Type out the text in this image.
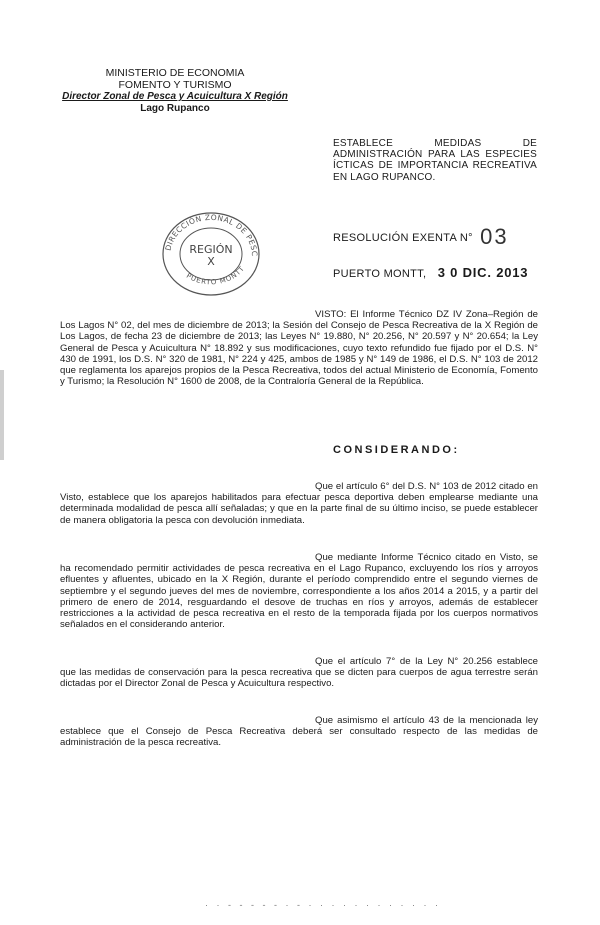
MINISTERIO DE ECONOMIA
FOMENTO Y TURISMO
Director Zonal de Pesca y Acuicultura X Región
Lago Rupanco
ESTABLECE MEDIDAS DE ADMINISTRACIÓN PARA LAS ESPECIES ÍCTICAS DE IMPORTANCIA RECREATIVA EN LAGO RUPANCO.
DIRECCIÓN ZONAL DE PESC
PUERTO MONTT
REGIÓN
X
RESOLUCIÓN EXENTA N° 03
PUERTO MONTT, 3 0 DIC. 2013

VISTO: El Informe Técnico DZ IV Zona–Región de Los Lagos N° 02, del mes de diciembre de 2013; la Sesión del Consejo de Pesca Recreativa de la X Región de Los Lagos, de fecha 23 de diciembre de 2013; las Leyes N° 19.880, N° 20.256, N° 20.597 y N° 20.654; la Ley General de Pesca y Acuicultura N° 18.892 y sus modificaciones, cuyo texto refundido fue fijado por el D.S. N° 430 de 1991, los D.S. N° 320 de 1981, N° 224 y 425, ambos de 1985 y N° 149 de 1986, el D.S. N° 103 de 2012 que reglamenta los aparejos propios de la Pesca Recreativa, todos del actual Ministerio de Economía, Fomento y Turismo; la Resolución N° 1600 de 2008, de la Contraloría General de la República.

CONSIDERANDO:

Que el artículo 6° del D.S. N° 103 de 2012 citado en Visto, establece que los aparejos habilitados para efectuar pesca deportiva deben emplearse mediante una determinada modalidad de pesca allí señaladas; y que en la parte final de su último inciso, se puede establecer de manera obligatoria la pesca con devolución inmediata.

Que mediante Informe Técnico citado en Visto, se ha recomendado permitir actividades de pesca recreativa en el Lago Rupanco, excluyendo los ríos y arroyos efluentes y afluentes, ubicado en la X Región, durante el período comprendido entre el segundo viernes de septiembre y el segundo jueves del mes de noviembre, correspondiente a los años 2014 a 2015, y a partir del primero de enero de 2014, resguardando el desove de truchas en ríos y arroyos, además de establecer restricciones a la actividad de pesca recreativa en el resto de la temporada fijada por los cuerpos normativos señalados en el considerando anterior.

Que el artículo 7° de la Ley N° 20.256 establece que las medidas de conservación para la pesca recreativa que se dicten para cuerpos de agua terrestre serán dictadas por el Director Zonal de Pesca y Acuicultura respectivo.

Que asimismo el artículo 43 de la mencionada ley establece que el Consejo de Pesca Recreativa deberá ser consultado respecto de las medidas de administración de la pesca recreativa.

· · - - - - - · - · · · · · · · · · · · ·
